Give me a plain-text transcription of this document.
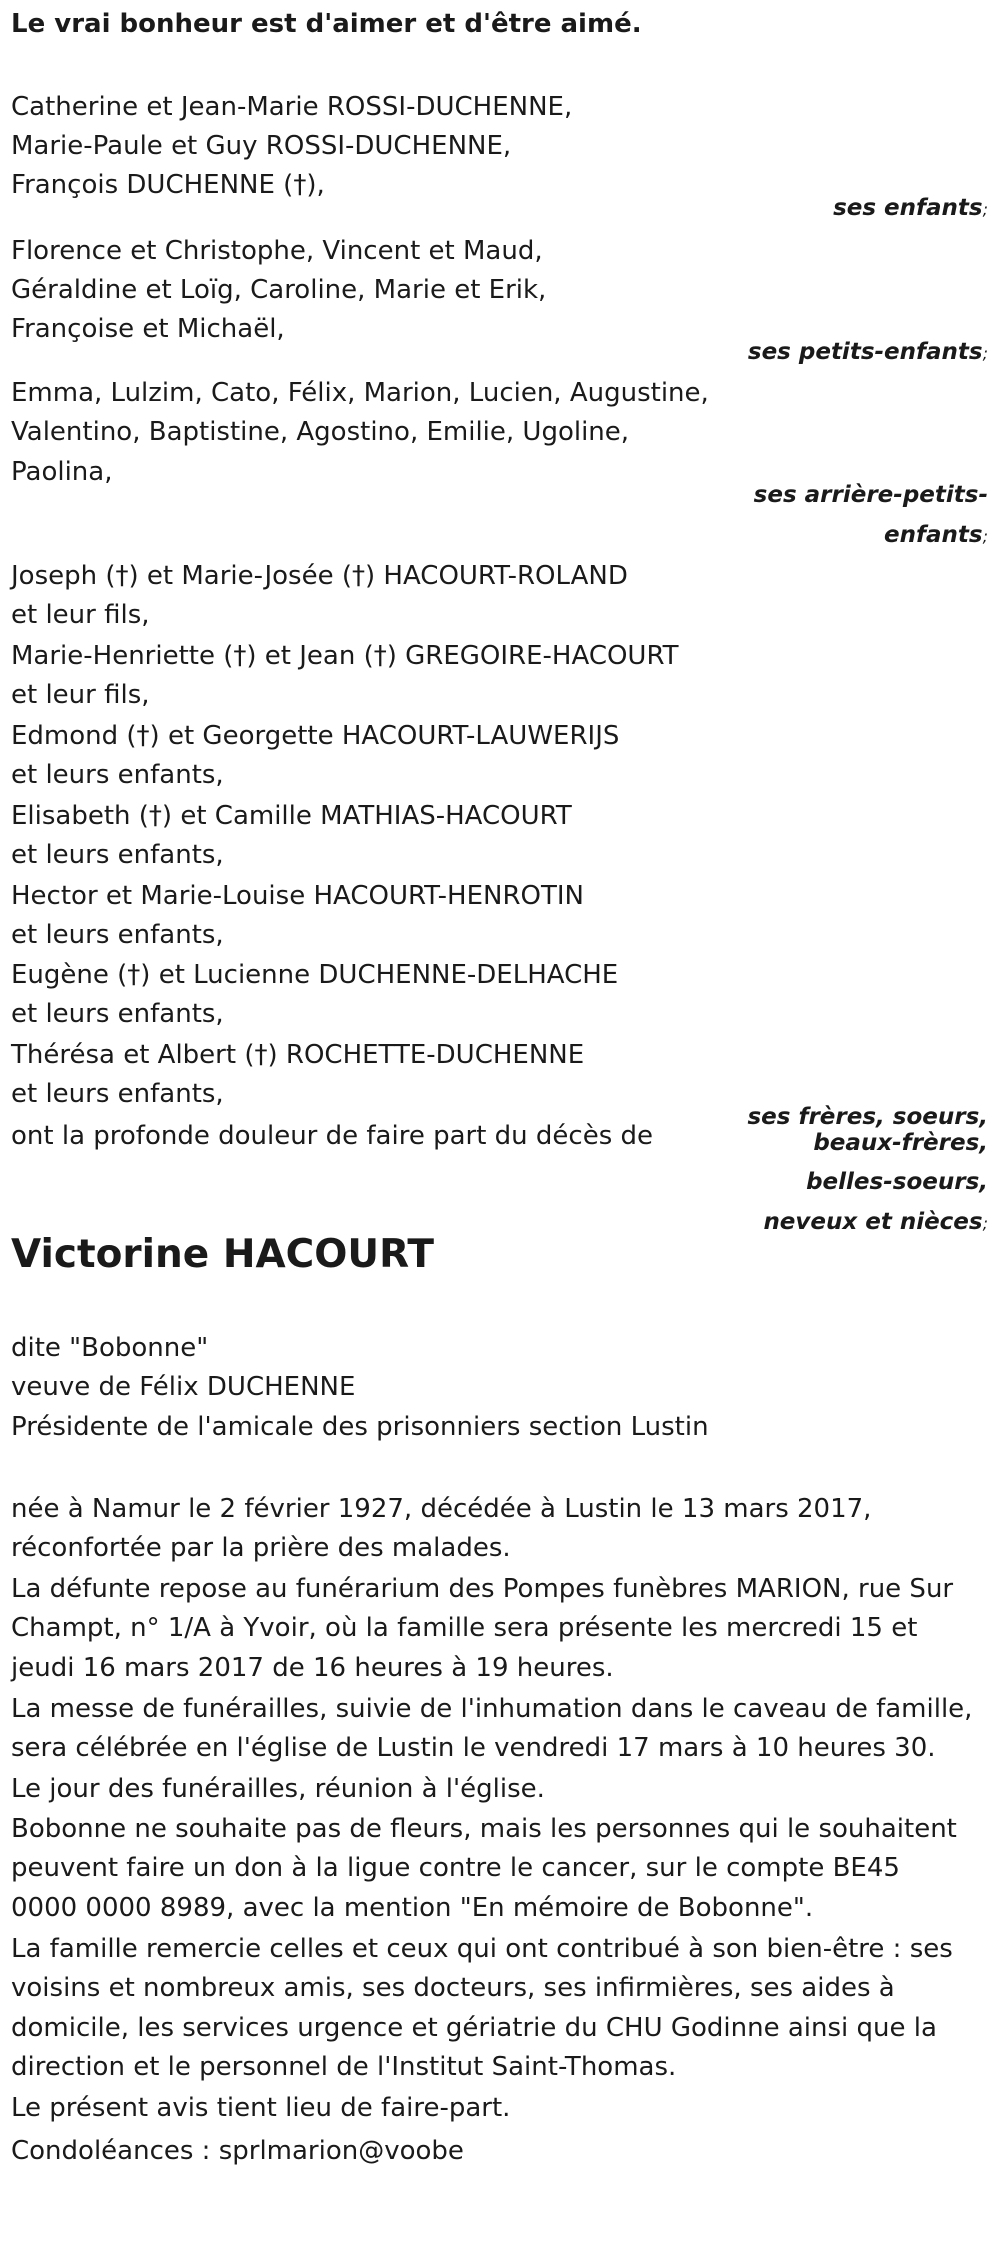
Le vrai bonheur est d'aimer et d'être aimé.
Catherine et Jean-Marie ROSSI-DUCHENNE,
Marie-Paule et Guy ROSSI-DUCHENNE,
François DUCHENNE (†),
ses enfants;
Florence et Christophe, Vincent et Maud,
Géraldine et Loïg, Caroline, Marie et Erik,
Françoise et Michaël,
ses petits-enfants;
Emma, Lulzim, Cato, Félix, Marion, Lucien, Augustine,
Valentino, Baptistine, Agostino, Emilie, Ugoline,
Paolina,
ses arrière-petits-
enfants;
Joseph (†) et Marie-Josée (†) HACOURT-ROLAND
et leur fils,
Marie-Henriette (†) et Jean (†) GREGOIRE-HACOURT
et leur fils,
Edmond (†) et Georgette HACOURT-LAUWERIJS
et leurs enfants,
Elisabeth (†) et Camille MATHIAS-HACOURT
et leurs enfants,
Hector et Marie-Louise HACOURT-HENROTIN
et leurs enfants,
Eugène (†) et Lucienne DUCHENNE-DELHACHE
et leurs enfants,
Thérésa et Albert (†) ROCHETTE-DUCHENNE
et leurs enfants,
ses frères, soeurs,
beaux-frères,
belles-soeurs,
neveux et nièces;
ont la profonde douleur de faire part du décès de
Victorine HACOURT
dite "Bobonne"
veuve de Félix DUCHENNE
Présidente de l'amicale des prisonniers section Lustin
née à Namur le 2 février 1927, décédée à Lustin le 13 mars 2017,
réconfortée par la prière des malades.
La défunte repose au funérarium des Pompes funèbres MARION, rue Sur
Champt, n° 1/A à Yvoir, où la famille sera présente les mercredi 15 et
jeudi 16 mars 2017 de 16 heures à 19 heures.
La messe de funérailles, suivie de l'inhumation dans le caveau de famille,
sera célébrée en l'église de Lustin le vendredi 17 mars à 10 heures 30.
Le jour des funérailles, réunion à l'église.
Bobonne ne souhaite pas de fleurs, mais les personnes qui le souhaitent
peuvent faire un don à la ligue contre le cancer, sur le compte BE45
0000 0000 8989, avec la mention "En mémoire de Bobonne".
La famille remercie celles et ceux qui ont contribué à son bien-être : ses
voisins et nombreux amis, ses docteurs, ses infirmières, ses aides à
domicile, les services urgence et gériatrie du CHU Godinne ainsi que la
direction et le personnel de l'Institut Saint-Thomas.
Le présent avis tient lieu de faire-part.
Condoléances : sprlmarion@voobe
